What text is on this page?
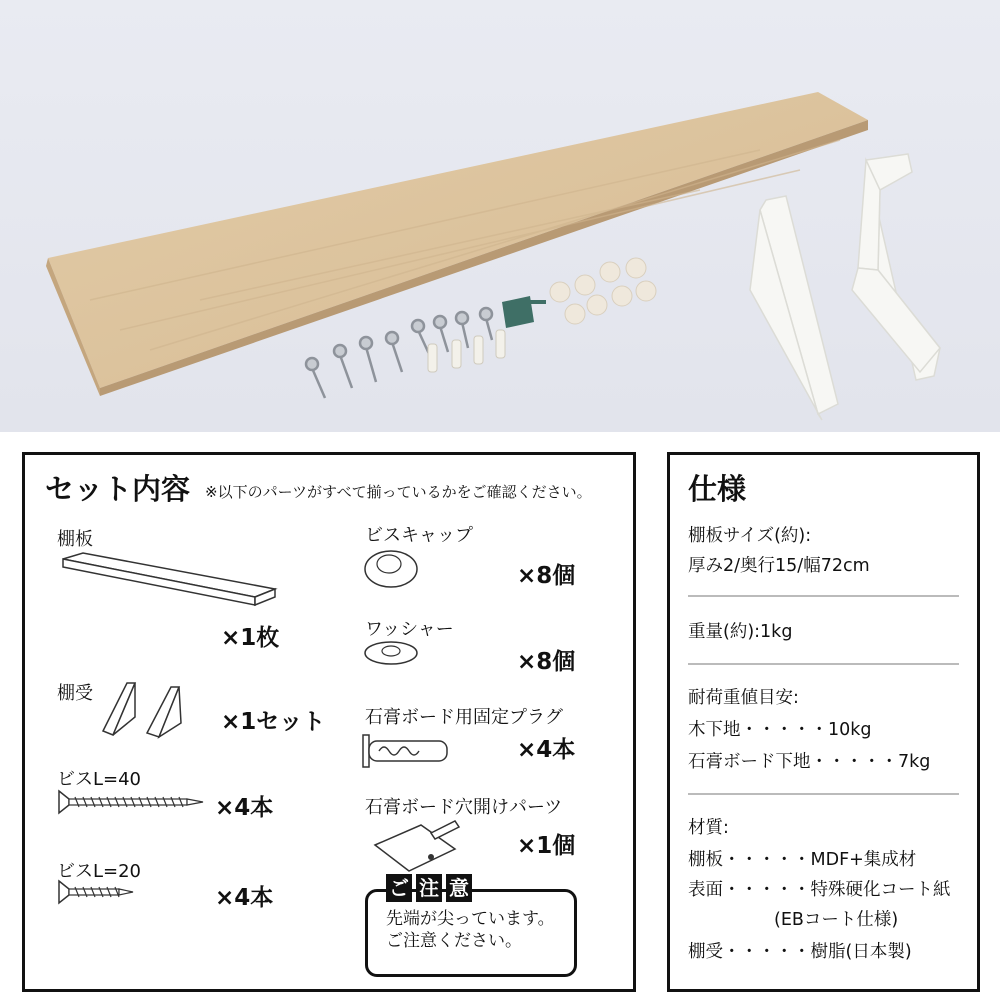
セット内容 ※以下のパーツがすべて揃っているかをご確認ください。
棚板
×1枚
棚受
×1セット
ビスL=40
×4本
ビスL=20
×4本
ビスキャップ
×8個
ワッシャー
×8個
石膏ボード用固定プラグ
×4本
石膏ボード穴開けパーツ
×1個
ご 注 意
先端が尖っています。
ご注意ください。
仕様
棚板サイズ(約):
厚み2/奥行15/幅72cm
重量(約):1kg
耐荷重値目安:
木下地・・・・・10kg
石膏ボード下地・・・・・7kg
材質:
棚板・・・・・MDF+集成材
表面・・・・・特殊硬化コート紙
(EBコート仕様)
棚受・・・・・樹脂(日本製)
